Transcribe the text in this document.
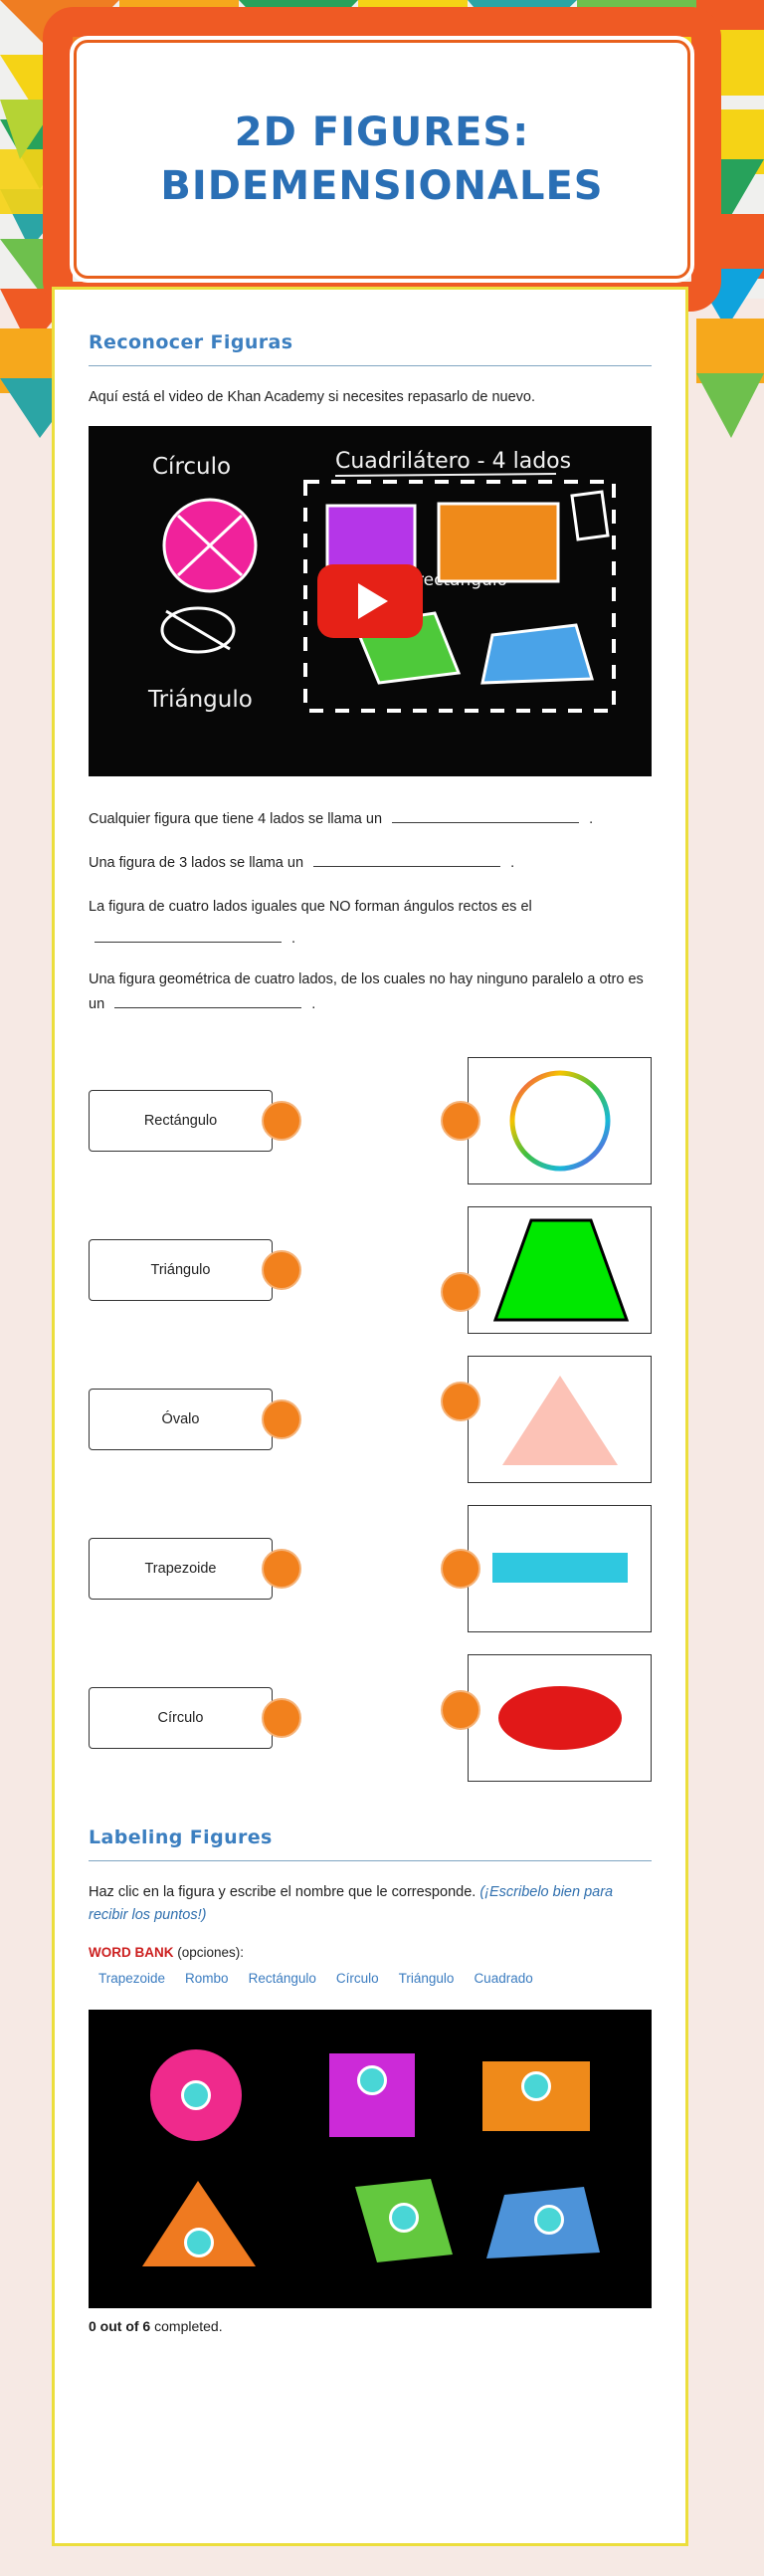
2D FIGURES:
BIDEMENSIONALES
Reconocer Figuras

Aquí está el video de Khan Academy si necesites repasarlo de nuevo.

Círculo	Cuadrilátero - 4 lados
Triángulo

Cualquier figura que tiene 4 lados se llama un	.

Una figura de 3 lados se llama un	.

La figura de cuatro lados iguales que NO forman ángulos rectos es el
.

Una figura geométrica de cuatro lados, de los cuales no hay ninguno paralelo a otro es un	.

Rectángulo
Triángulo
Óvalo
Trapezoide
Círculo
Labeling Figures

Haz clic en la figura y escribe el nombre que le corresponde. (¡Escribelo bien para recibir los puntos!)

WORD BANK (opciones): Trapezoide Rombo Rectángulo Círculo Triángulo Cuadrado

0 out of 6 completed.
